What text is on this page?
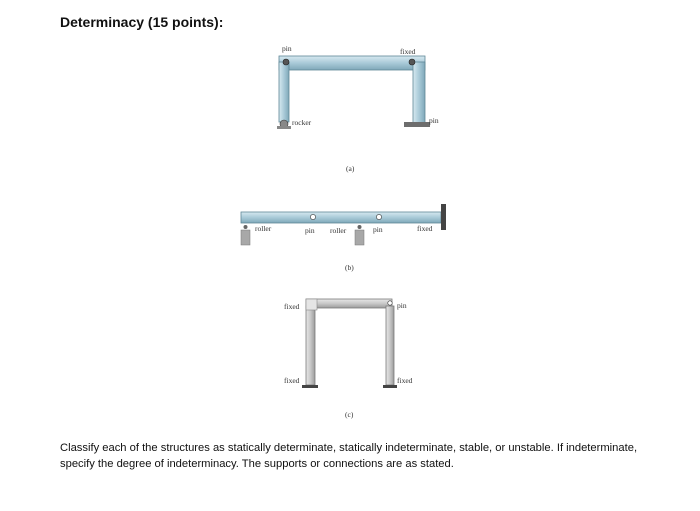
Determinacy (15 points):
pin	fixed
rocker	pin
(a)
roller	pin roller	pin	fixed
(b)
fixed	pin
fixed	fixed
(c)
Classify each of the structures as statically determinate, statically indeterminate, stable, or unstable. If indeterminate, specify the degree of indeterminacy. The supports or connections are as stated.
